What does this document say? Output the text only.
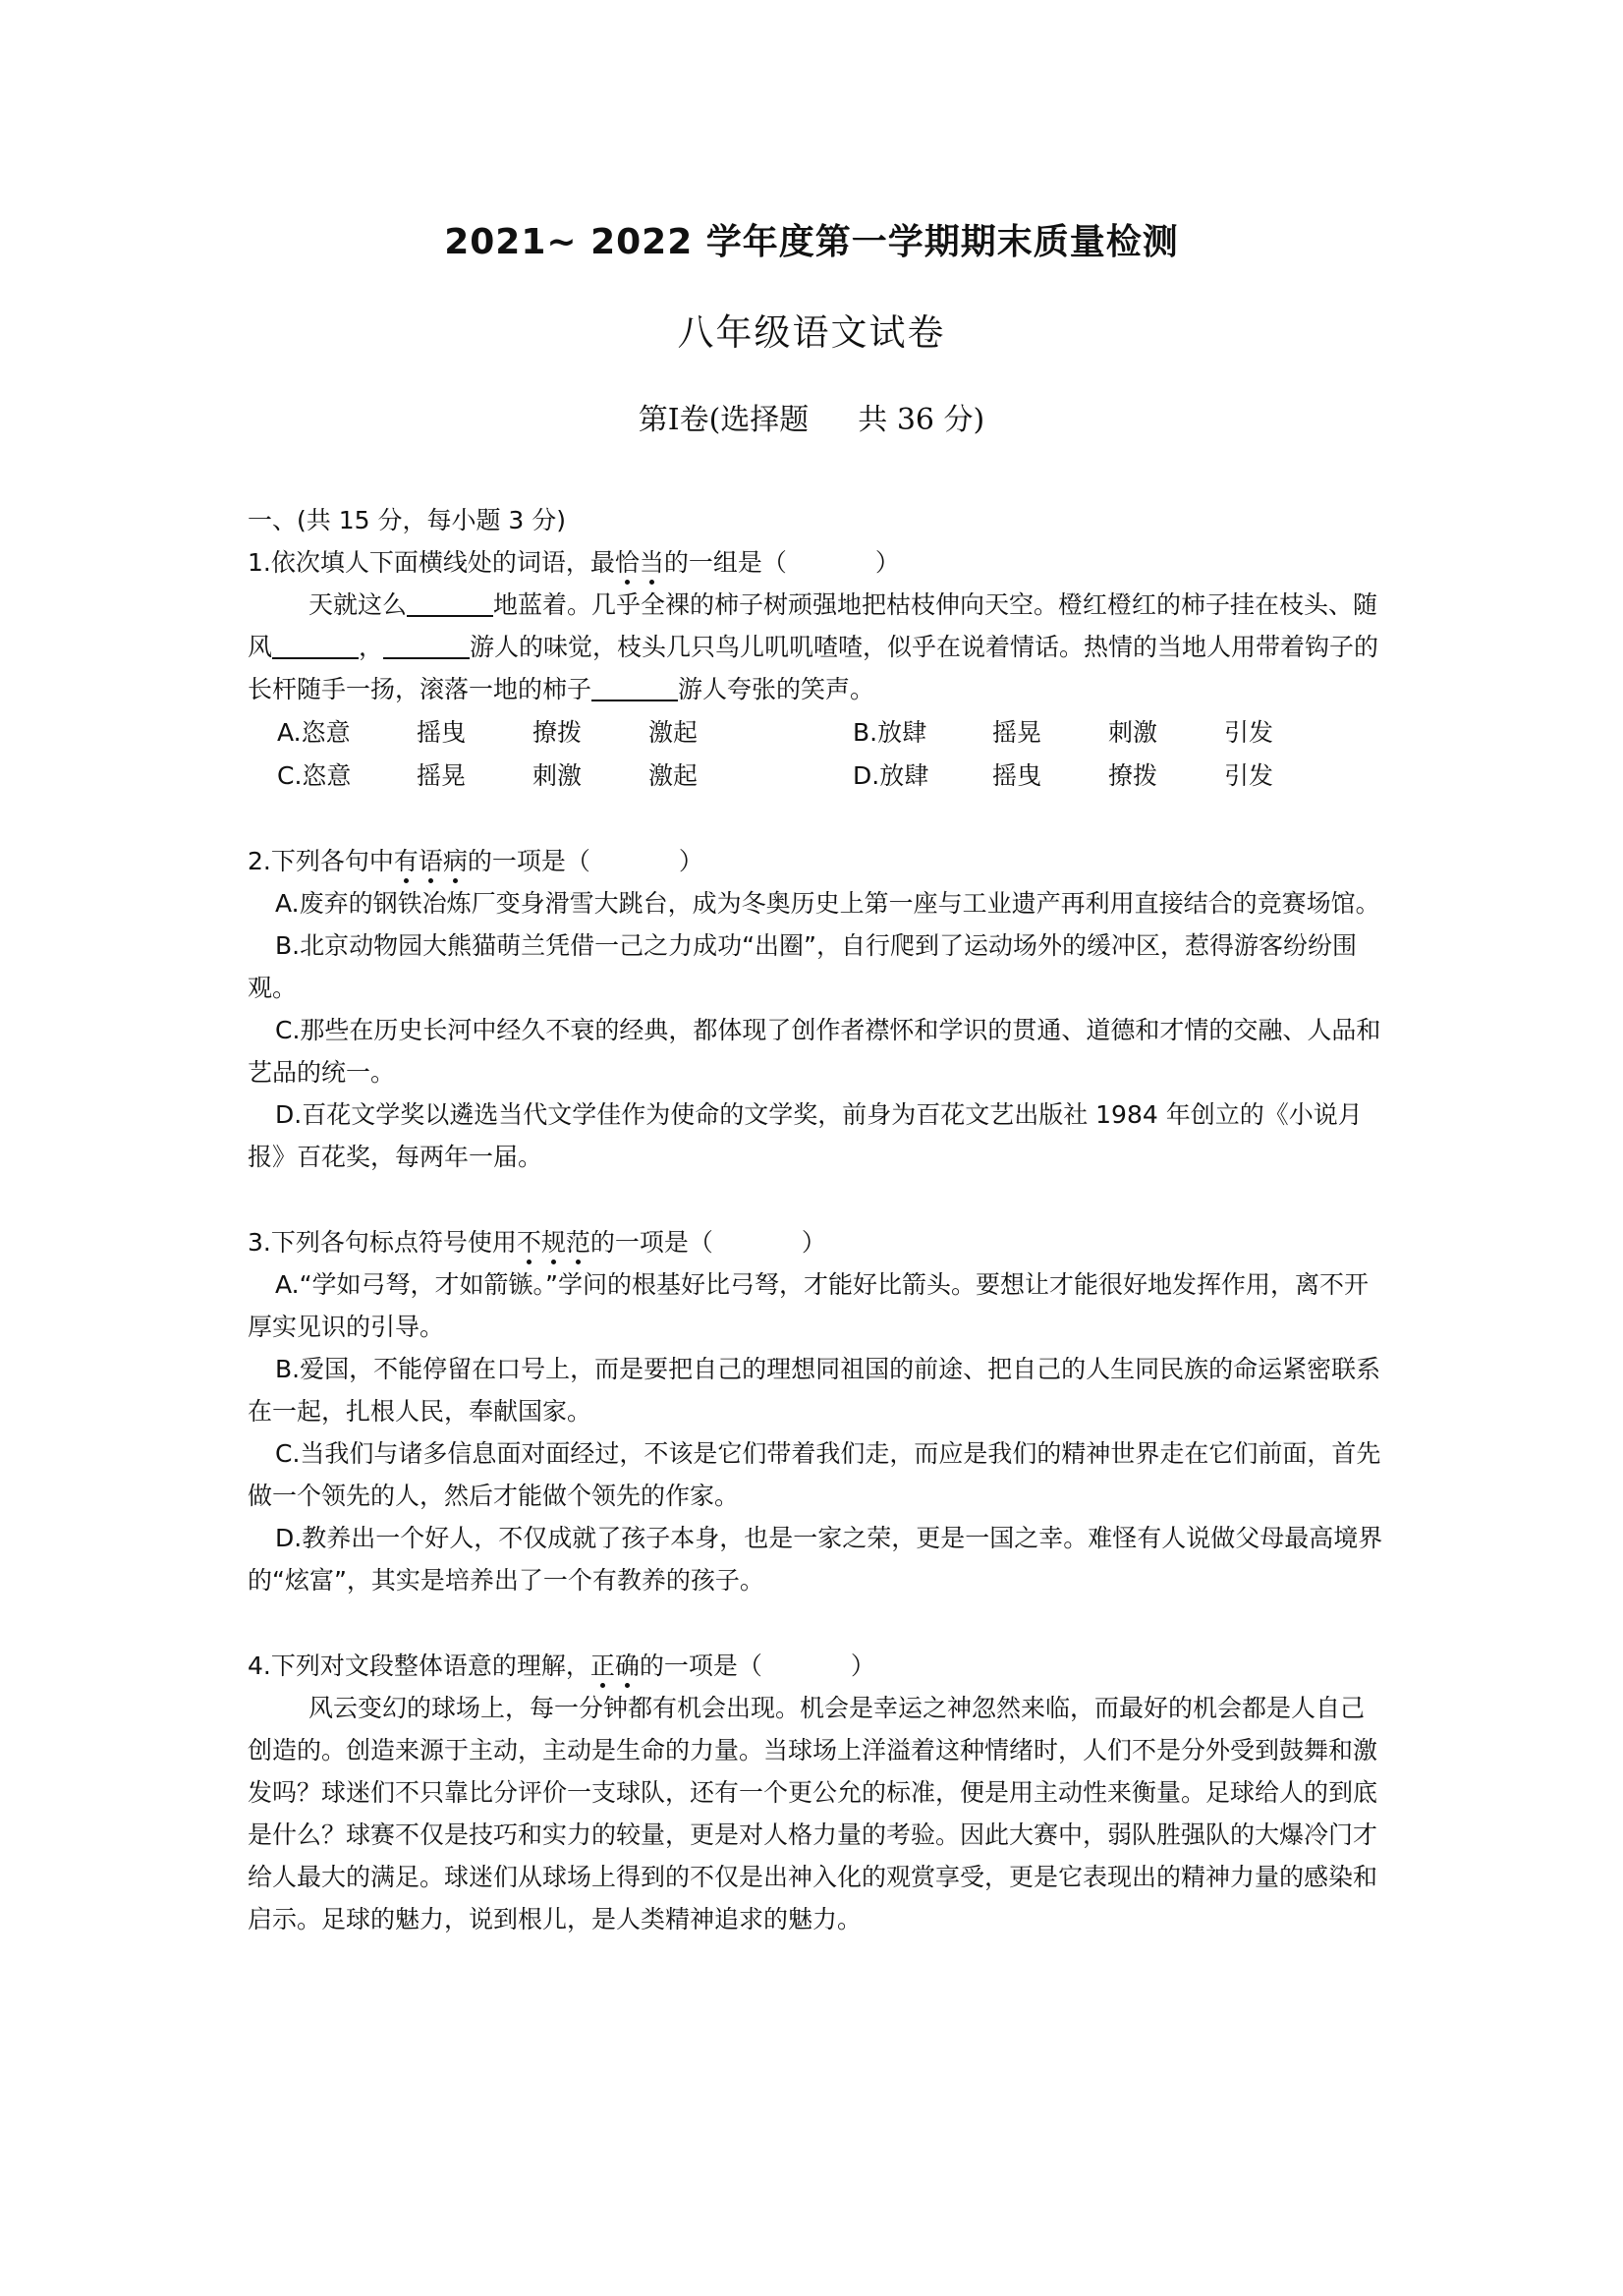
2021~ 2022 学年度第一学期期末质量检测
八年级语文试卷
第Ⅰ卷(选择题 共 36 分)

一、(共 15 分，每小题 3 分)

1.依次填人下面横线处的词语，最恰当的一组是（	）

天就这么	地蓝着。几乎全裸的柿子树顽强地把枯枝伸向天空。橙红橙红的柿子挂在枝头、随风	，	游人的味觉，枝头几只鸟儿叽叽喳喳，似乎在说着情话。热情的当地人用带着钩子的长杆随手一扬，滚落一地的柿子	游人夸张的笑声。

A.恣意	摇曳	撩拨	激起	B.放肆	摇晃	刺激	引发
C.恣意	摇晃	刺激	激起	D.放肆	摇曳	撩拨	引发

2.下列各句中有语病的一项是（	）

A.废弃的钢铁冶炼厂变身滑雪大跳台，成为冬奥历史上第一座与工业遗产再利用直接结合的竞赛场馆。

B.北京动物园大熊猫萌兰凭借一己之力成功“出圈”，自行爬到了运动场外的缓冲区，惹得游客纷纷围观。

C.那些在历史长河中经久不衰的经典，都体现了创作者襟怀和学识的贯通、道德和才情的交融、人品和艺品的统一。

D.百花文学奖以遴选当代文学佳作为使命的文学奖，前身为百花文艺出版社 1984 年创立的《小说月报》百花奖，每两年一届。

3.下列各句标点符号使用不规范的一项是（	）

A.“学如弓弩，才如箭镞。”学问的根基好比弓弩，才能好比箭头。要想让才能很好地发挥作用，离不开厚实见识的引导。

B.爱国，不能停留在口号上，而是要把自己的理想同祖国的前途、把自己的人生同民族的命运紧密联系在一起，扎根人民，奉献国家。

C.当我们与诸多信息面对面经过，不该是它们带着我们走，而应是我们的精神世界走在它们前面，首先做一个领先的人，然后才能做个领先的作家。

D.教养出一个好人，不仅成就了孩子本身，也是一家之荣，更是一国之幸。难怪有人说做父母最高境界的“炫富”，其实是培养出了一个有教养的孩子。

4.下列对文段整体语意的理解，正确的一项是（	）

风云变幻的球场上，每一分钟都有机会出现。机会是幸运之神忽然来临，而最好的机会都是人自己创造的。创造来源于主动，主动是生命的力量。当球场上洋溢着这种情绪时，人们不是分外受到鼓舞和激发吗？球迷们不只靠比分评价一支球队，还有一个更公允的标准，便是用主动性来衡量。足球给人的到底是什么？球赛不仅是技巧和实力的较量，更是对人格力量的考验。因此大赛中，弱队胜强队的大爆冷门才给人最大的满足。球迷们从球场上得到的不仅是出神入化的观赏享受，更是它表现出的精神力量的感染和启示。足球的魅力，说到根儿，是人类精神追求的魅力。
